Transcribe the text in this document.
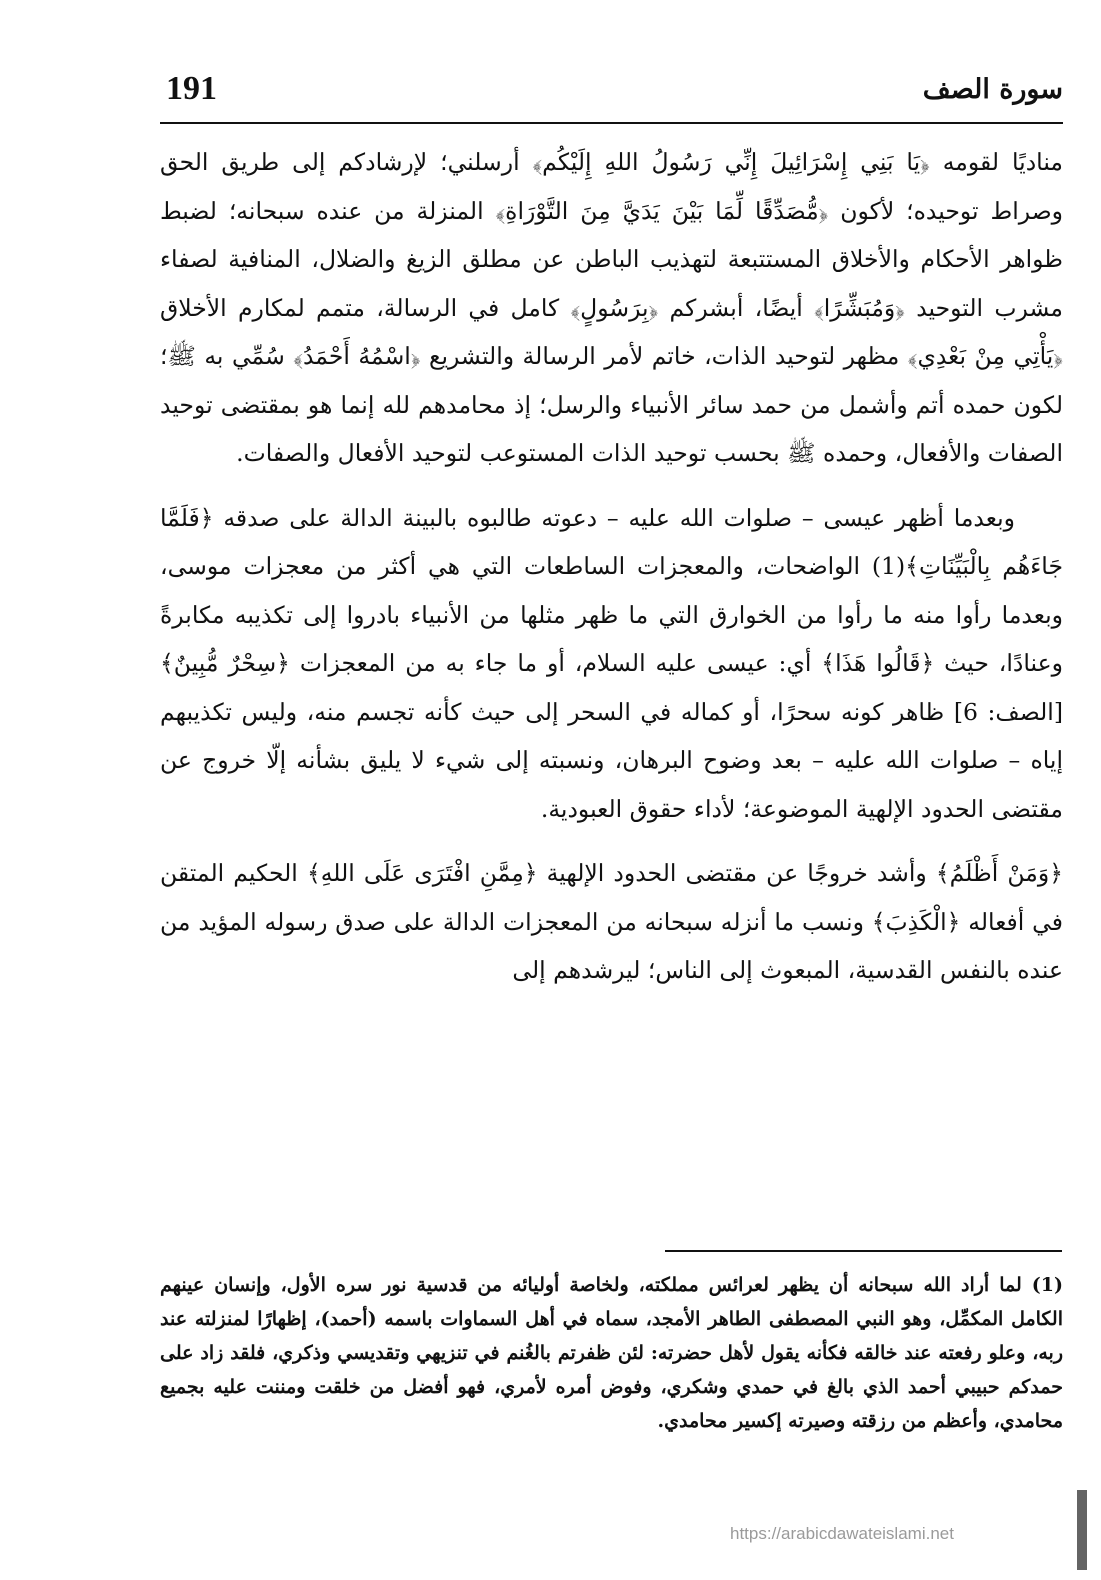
191	سورة الصف

مناديًا لقومه ﴿يَا بَنِي إِسْرَائِيلَ إِنِّي رَسُولُ اللهِ إِلَيْكُم﴾ أرسلني؛ لإرشادكم إلى طريق الحق وصراط توحيده؛ لأكون ﴿مُّصَدِّقًا لِّمَا بَيْنَ يَدَيَّ مِنَ التَّوْرَاةِ﴾ المنزلة من عنده سبحانه؛ لضبط ظواهر الأحكام والأخلاق المستتبعة لتهذيب الباطن عن مطلق الزيغ والضلال، المنافية لصفاء مشرب التوحيد ﴿وَمُبَشِّرًا﴾ أيضًا، أبشركم ﴿بِرَسُولٍ﴾ كامل في الرسالة، متمم لمكارم الأخلاق ﴿يَأْتِي مِنْ بَعْدِي﴾ مظهر لتوحيد الذات، خاتم لأمر الرسالة والتشريع ﴿اسْمُهُ أَحْمَدُ﴾ سُمِّي به ﷺ؛ لكون حمده أتم وأشمل من حمد سائر الأنبياء والرسل؛ إذ محامدهم لله إنما هو بمقتضى توحيد الصفات والأفعال، وحمده ﷺ بحسب توحيد الذات المستوعب لتوحيد الأفعال والصفات.

وبعدما أظهر عيسى – صلوات الله عليه – دعوته طالبوه بالبينة الدالة على صدقه ﴿فَلَمَّا جَاءَهُم بِالْبَيِّنَاتِ﴾(1) الواضحات، والمعجزات الساطعات التي هي أكثر من معجزات موسى، وبعدما رأوا منه ما رأوا من الخوارق التي ما ظهر مثلها من الأنبياء بادروا إلى تكذيبه مكابرةً وعنادًا، حيث ﴿قَالُوا هَذَا﴾ أي: عيسى عليه السلام، أو ما جاء به من المعجزات ﴿سِحْرٌ مُّبِينٌ﴾ [الصف: 6] ظاهر كونه سحرًا، أو كماله في السحر إلى حيث كأنه تجسم منه، وليس تكذيبهم إياه – صلوات الله عليه – بعد وضوح البرهان، ونسبته إلى شيء لا يليق بشأنه إلّا خروج عن مقتضى الحدود الإلهية الموضوعة؛ لأداء حقوق العبودية.

﴿وَمَنْ أَظْلَمُ﴾ وأشد خروجًا عن مقتضى الحدود الإلهية ﴿مِمَّنِ افْتَرَى عَلَى اللهِ﴾ الحكيم المتقن في أفعاله ﴿الْكَذِبَ﴾ ونسب ما أنزله سبحانه من المعجزات الدالة على صدق رسوله المؤيد من عنده بالنفس القدسية، المبعوث إلى الناس؛ ليرشدهم إلى

(1) لما أراد الله سبحانه أن يظهر لعرائس مملكته، ولخاصة أوليائه من قدسية نور سره الأول، وإنسان عينهم الكامل المكمِّل، وهو النبي المصطفى الطاهر الأمجد، سماه في أهل السماوات باسمه (أحمد)، إظهارًا لمنزلته عند ربه، وعلو رفعته عند خالقه فكأنه يقول لأهل حضرته: لئن ظفرتم بالغُنم في تنزيهي وتقديسي وذكري، فلقد زاد على حمدكم حبيبي أحمد الذي بالغ في حمدي وشكري، وفوض أمره لأمري، فهو أفضل من خلقت ومننت عليه بجميع محامدي، وأعظم من رزقته وصيرته إكسير محامدي.

https://arabicdawateislami.net
